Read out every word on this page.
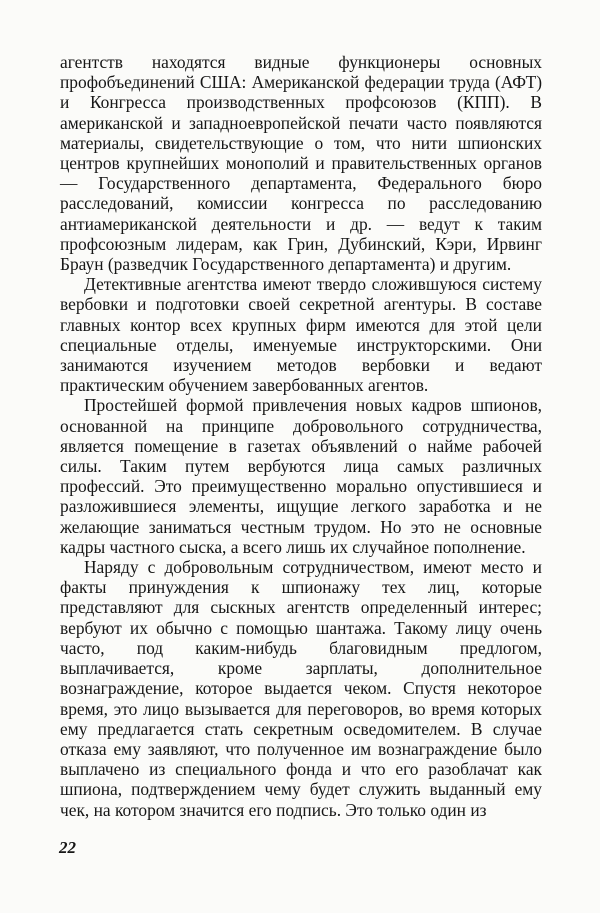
агентств находятся видные функционеры основных профобъединений США: Американской федерации труда (АФТ) и Конгресса производственных профсоюзов (КПП). В американской и западноевропейской печати часто появляются материалы, свидетельствующие о том, что нити шпионских центров крупнейших монополий и правительственных органов — Государственного департамента, Федерального бюро расследований, комиссии конгресса по расследованию антиамериканской деятельности и др. — ведут к таким профсоюзным лидерам, как Грин, Дубинский, Кэри, Ирвинг Браун (разведчик Государственного департамента) и другим.

Детективные агентства имеют твердо сложившуюся систему вербовки и подготовки своей секретной агентуры. В составе главных контор всех крупных фирм имеются для этой цели специальные отделы, именуемые инструкторскими. Они занимаются изучением методов вербовки и ведают практическим обучением завербованных агентов.

Простейшей формой привлечения новых кадров шпионов, основанной на принципе добровольного сотрудничества, является помещение в газетах объявлений о найме рабочей силы. Таким путем вербуются лица самых различных профессий. Это преимущественно морально опустившиеся и разложившиеся элементы, ищущие легкого заработка и не желающие заниматься честным трудом. Но это не основные кадры частного сыска, а всего лишь их случайное пополнение.

Наряду с добровольным сотрудничеством, имеют место и факты принуждения к шпионажу тех лиц, которые представляют для сыскных агентств определенный интерес; вербуют их обычно с помощью шантажа. Такому лицу очень часто, под каким-нибудь благовидным предлогом, выплачивается, кроме зарплаты, дополнительное вознаграждение, которое выдается чеком. Спустя некоторое время, это лицо вызывается для переговоров, во время которых ему предлагается стать секретным осведомителем. В случае отказа ему заявляют, что полученное им вознаграждение было выплачено из специального фонда и что его разоблачат как шпиона, подтверждением чему будет служить выданный ему чек, на котором значится его подпись. Это только один из

22
